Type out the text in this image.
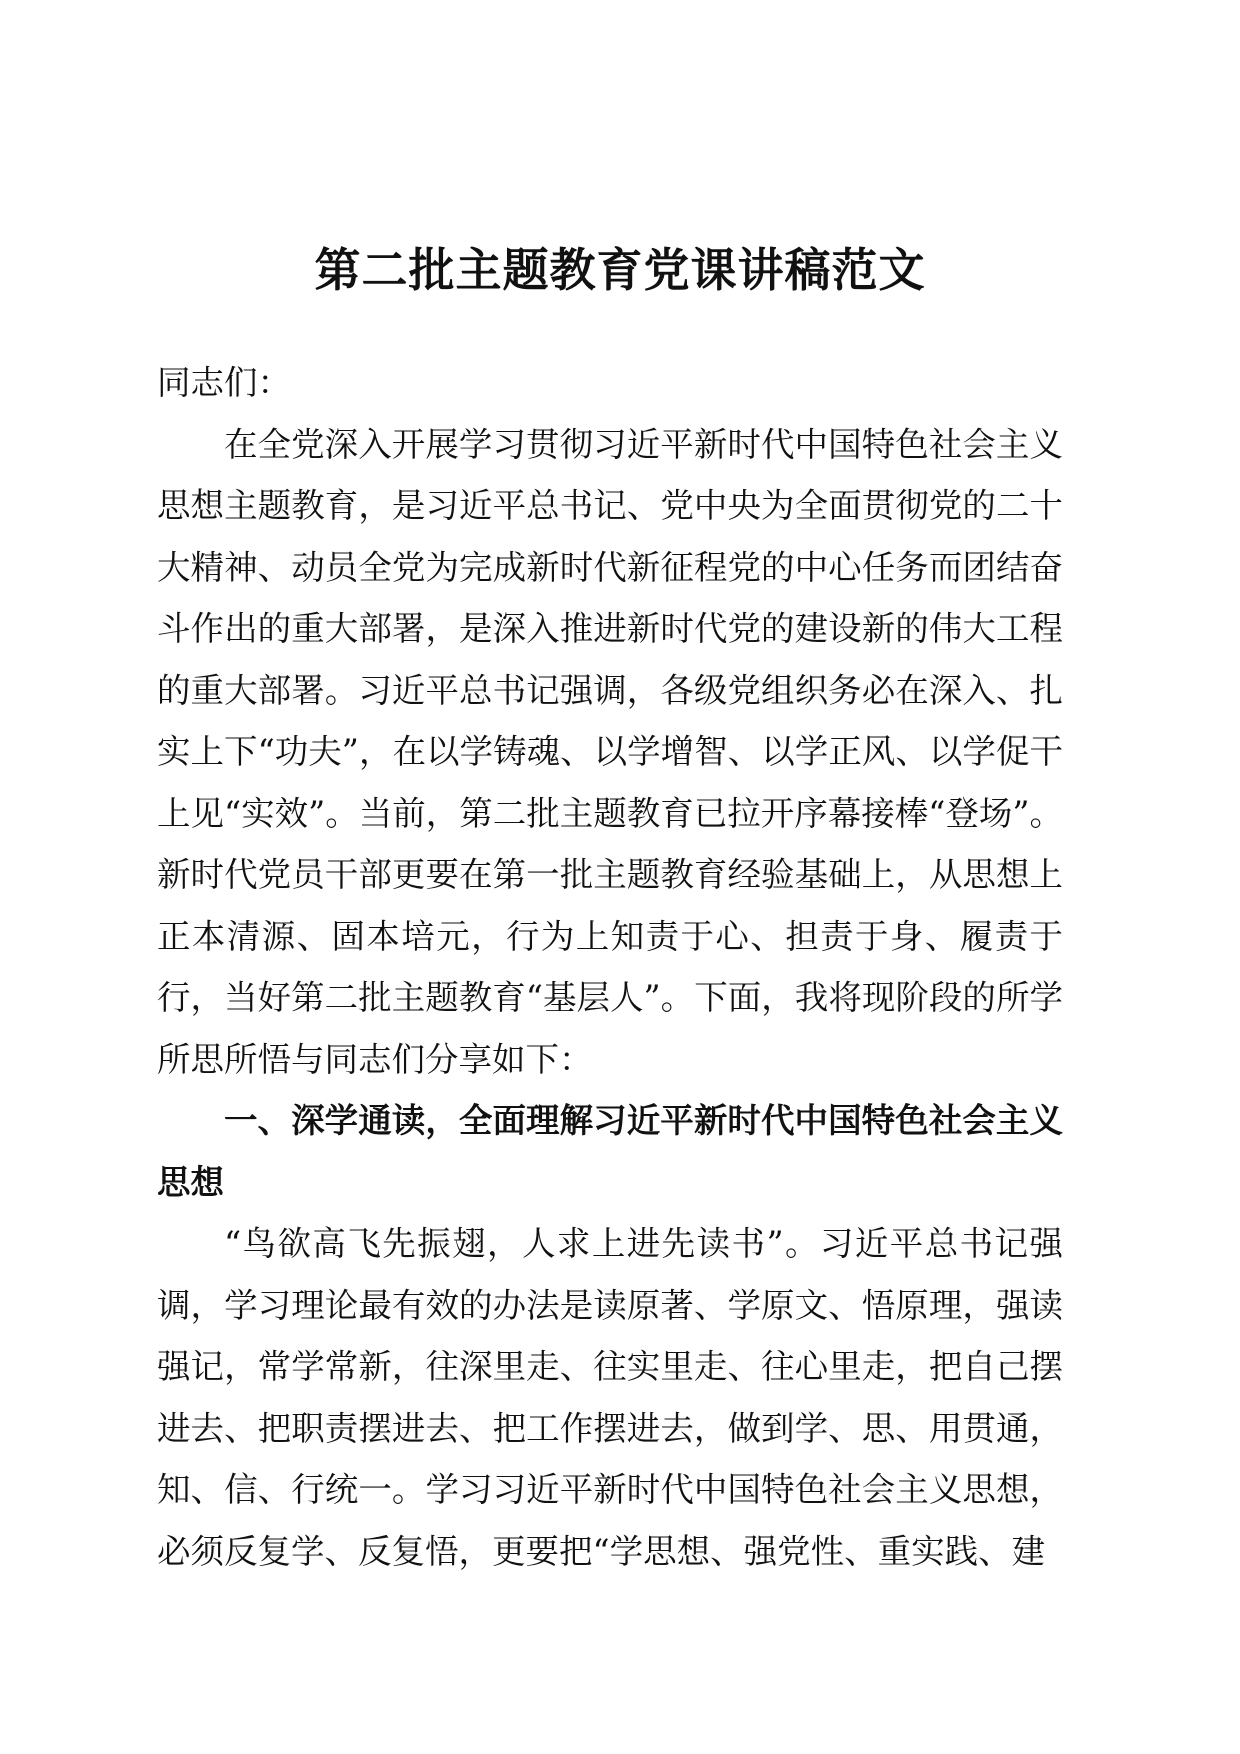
第二批主题教育党课讲稿范文

同志们：

在全党深入开展学习贯彻习近平新时代中国特色社会主义思想主题教育，是习近平总书记、党中央为全面贯彻党的二十大精神、动员全党为完成新时代新征程党的中心任务而团结奋斗作出的重大部署，是深入推进新时代党的建设新的伟大工程的重大部署。习近平总书记强调，各级党组织务必在深入、扎实上下“功夫”，在以学铸魂、以学增智、以学正风、以学促干上见“实效”。当前，第二批主题教育已拉开序幕接棒“登场”。新时代党员干部更要在第一批主题教育经验基础上，从思想上正本清源、固本培元，行为上知责于心、担责于身、履责于行，当好第二批主题教育“基层人”。下面，我将现阶段的所学所思所悟与同志们分享如下：

一、深学通读，全面理解习近平新时代中国特色社会主义思想

“鸟欲高飞先振翅，人求上进先读书”。习近平总书记强调，学习理论最有效的办法是读原著、学原文、悟原理，强读强记，常学常新，往深里走、往实里走、往心里走，把自己摆进去、把职责摆进去、把工作摆进去，做到学、思、用贯通，知、信、行统一。学习习近平新时代中国特色社会主义思想，必须反复学、反复悟，更要把“学思想、强党性、重实践、建
